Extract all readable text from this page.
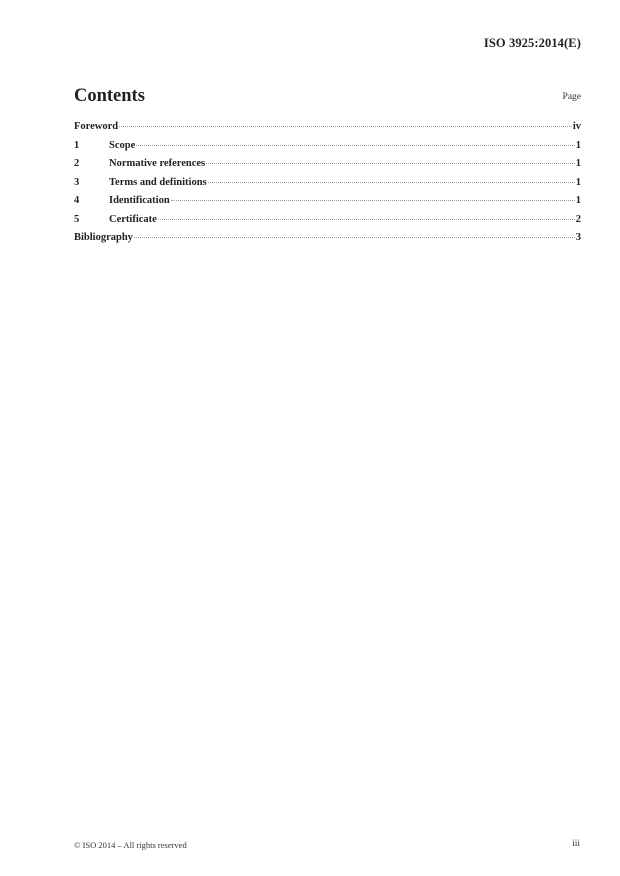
ISO 3925:2014(E)
Contents	Page
Foreword	iv
1	Scope	1
2	Normative references	1
3	Terms and definitions	1
4	Identification	1
5	Certificate	2
Bibliography	3
© ISO 2014 – All rights reserved	iii
